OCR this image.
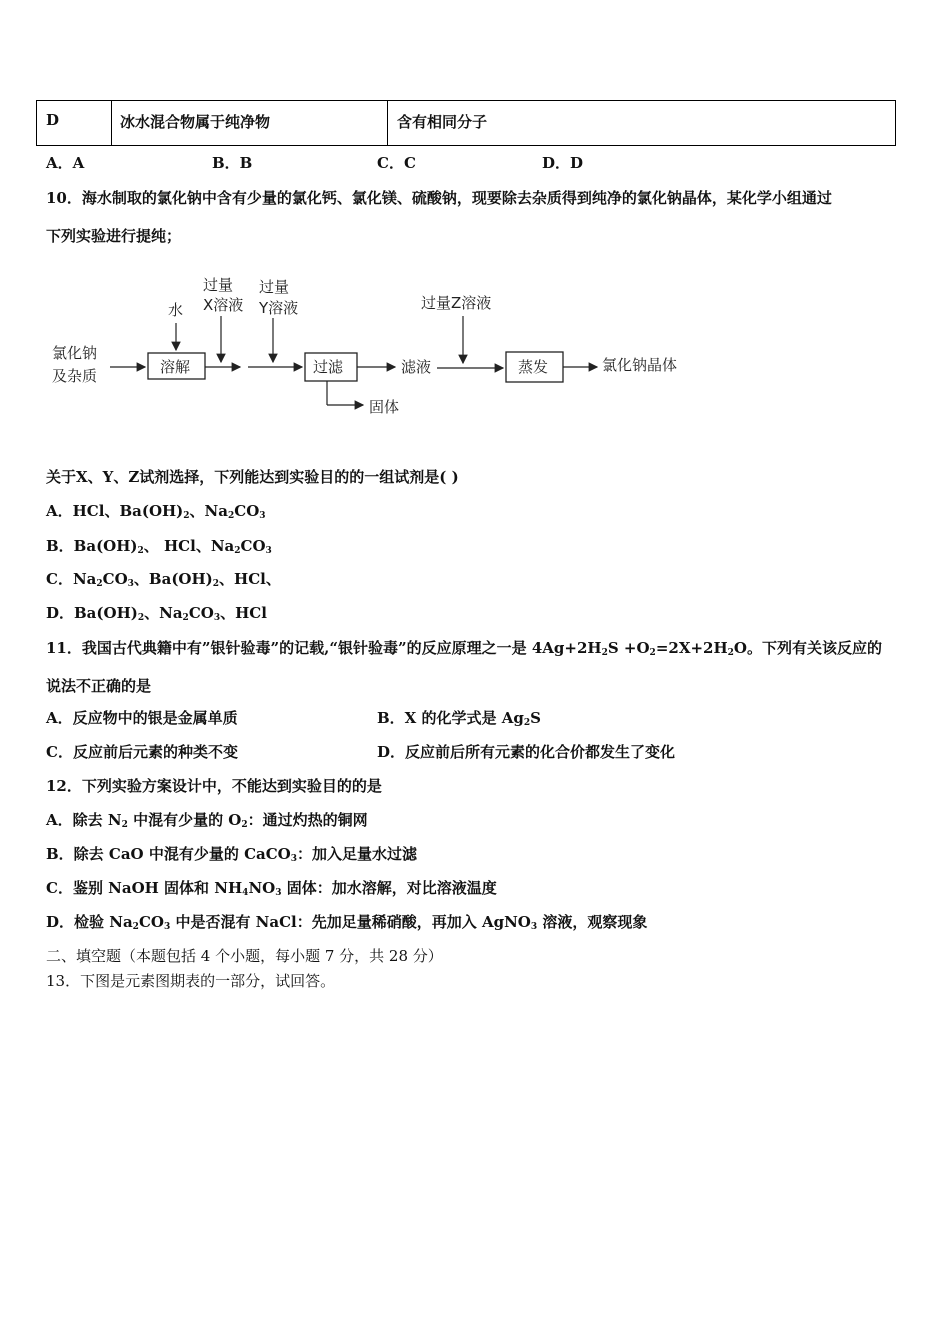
D	冰水混合物属于纯净物	含有相同分子
A．A	B．B	C．C	D．D
10．海水制取的氯化钠中含有少量的氯化钙、氯化镁、硫酸钠，现要除去杂质得到纯净的氯化钠晶体，某化学小组通过
下列实验进行提纯；
氯化钠
及杂质	溶解
水
过量
X溶液
过量
Y溶液
过滤	滤液
过量Z溶液
蒸发	氯化钠晶体
固体
关于X、Y、Z试剂选择，下列能达到实验目的的一组试剂是( )
A．HCl、$Ba(OH)_2$、$Na_2CO_3$
B．$Ba(OH)_2$、 HCl、$Na_2CO_3$
C．$Na_2CO_3$、$Ba(OH)_2$、HCl、
D．$Ba(OH)_2$、$Na_2CO_3$、HCl
11．我国古代典籍中有”银针验毒”的记载,“银针验毒”的反应原理之一是 $4Ag+2H_2S +O_2=2X+2H_2O$。下列有关该反应的
说法不正确的是
A．反应物中的银是金属单质	B．X 的化学式是 $Ag_2S$
C．反应前后元素的种类不变	D．反应前后所有元素的化合价都发生了变化
12．下列实验方案设计中，不能达到实验目的的是
A．除去 $N_2$ 中混有少量的 $O_2$：通过灼热的铜网
B．除去 CaO 中混有少量的 CaCO$_3$：加入足量水过滤
C．鉴别 NaOH 固体和 $NH_4NO_3$ 固体：加水溶解，对比溶液温度
D．检验 $Na_2CO_3$ 中是否混有 NaCl：先加足量稀硝酸，再加入 AgNO$_3$ 溶液，观察现象
二、填空题（本题包括 4 个小题，每小题 7 分，共 28 分）
13．下图是元素图期表的一部分，试回答。
